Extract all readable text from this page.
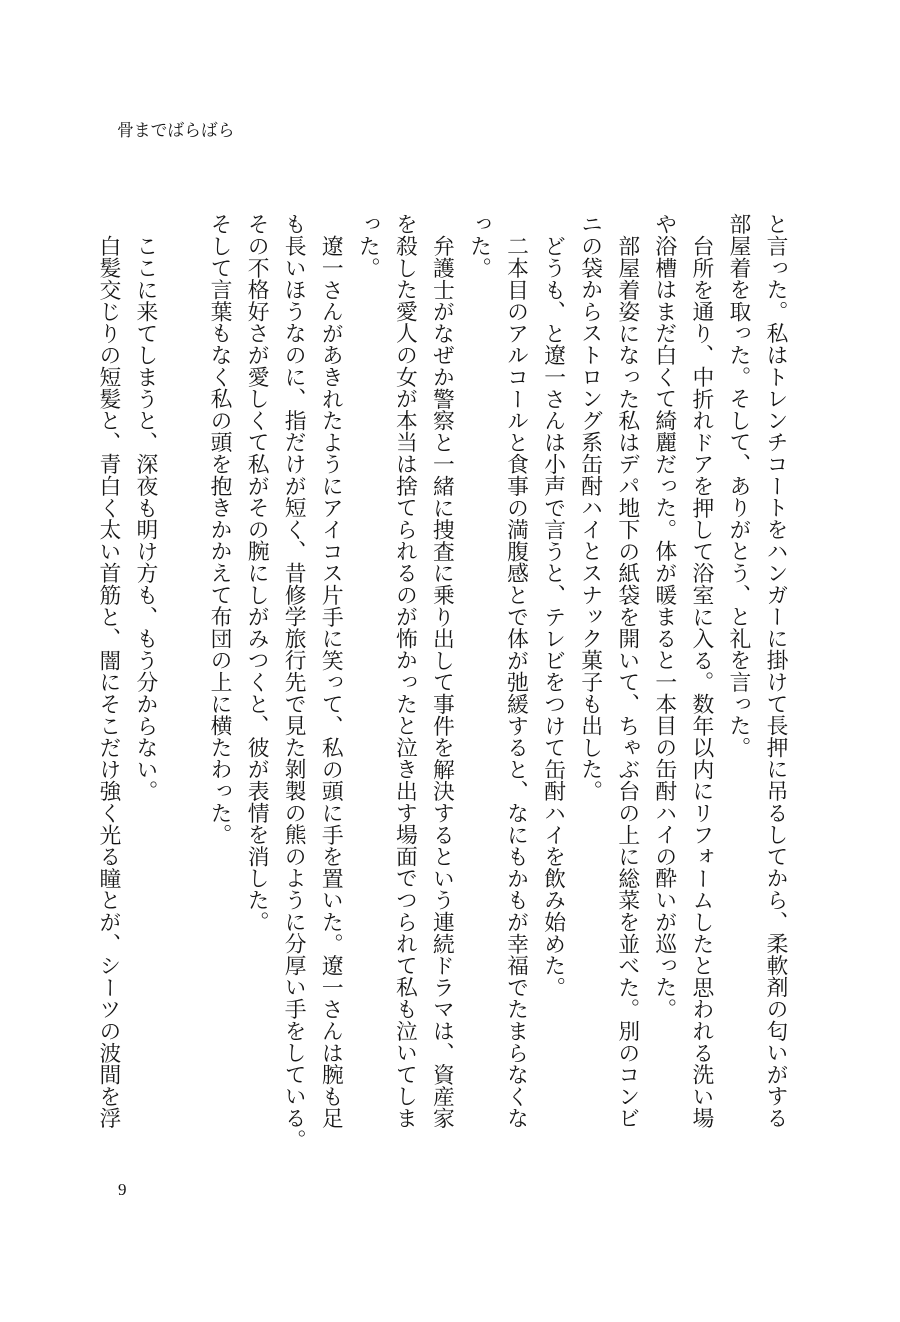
骨までばらばら
と言った。私はトレンチコートをハンガーに掛けて長押に吊るしてから、柔軟剤の匂いがする
部屋着を取った。そして、ありがとう、と礼を言った。
台所を通り、中折れドアを押して浴室に入る。数年以内にリフォームしたと思われる洗い場
や浴槽はまだ白くて綺麗だった。体が暖まると一本目の缶酎ハイの酔いが巡った。
部屋着姿になった私はデパ地下の紙袋を開いて、ちゃぶ台の上に総菜を並べた。別のコンビ
ニの袋からストロング系缶酎ハイとスナック菓子も出した。
どうも、と遼一さんは小声で言うと、テレビをつけて缶酎ハイを飲み始めた。
二本目のアルコールと食事の満腹感とで体が弛緩すると、なにもかもが幸福でたまらなくな
った。
弁護士がなぜか警察と一緒に捜査に乗り出して事件を解決するという連続ドラマは、資産家
を殺した愛人の女が本当は捨てられるのが怖かったと泣き出す場面でつられて私も泣いてしま
った。
遼一さんがあきれたようにアイコス片手に笑って、私の頭に手を置いた。遼一さんは腕も足
も長いほうなのに、指だけが短く、昔修学旅行先で見た剝製の熊のように分厚い手をしている。
その不格好さが愛しくて私がその腕にしがみつくと、彼が表情を消した。
そして言葉もなく私の頭を抱きかかえて布団の上に横たわった。
ここに来てしまうと、深夜も明け方も、もう分からない。
白髪交じりの短髪と、青白く太い首筋と、闇にそこだけ強く光る瞳とが、シーツの波間を浮
9
